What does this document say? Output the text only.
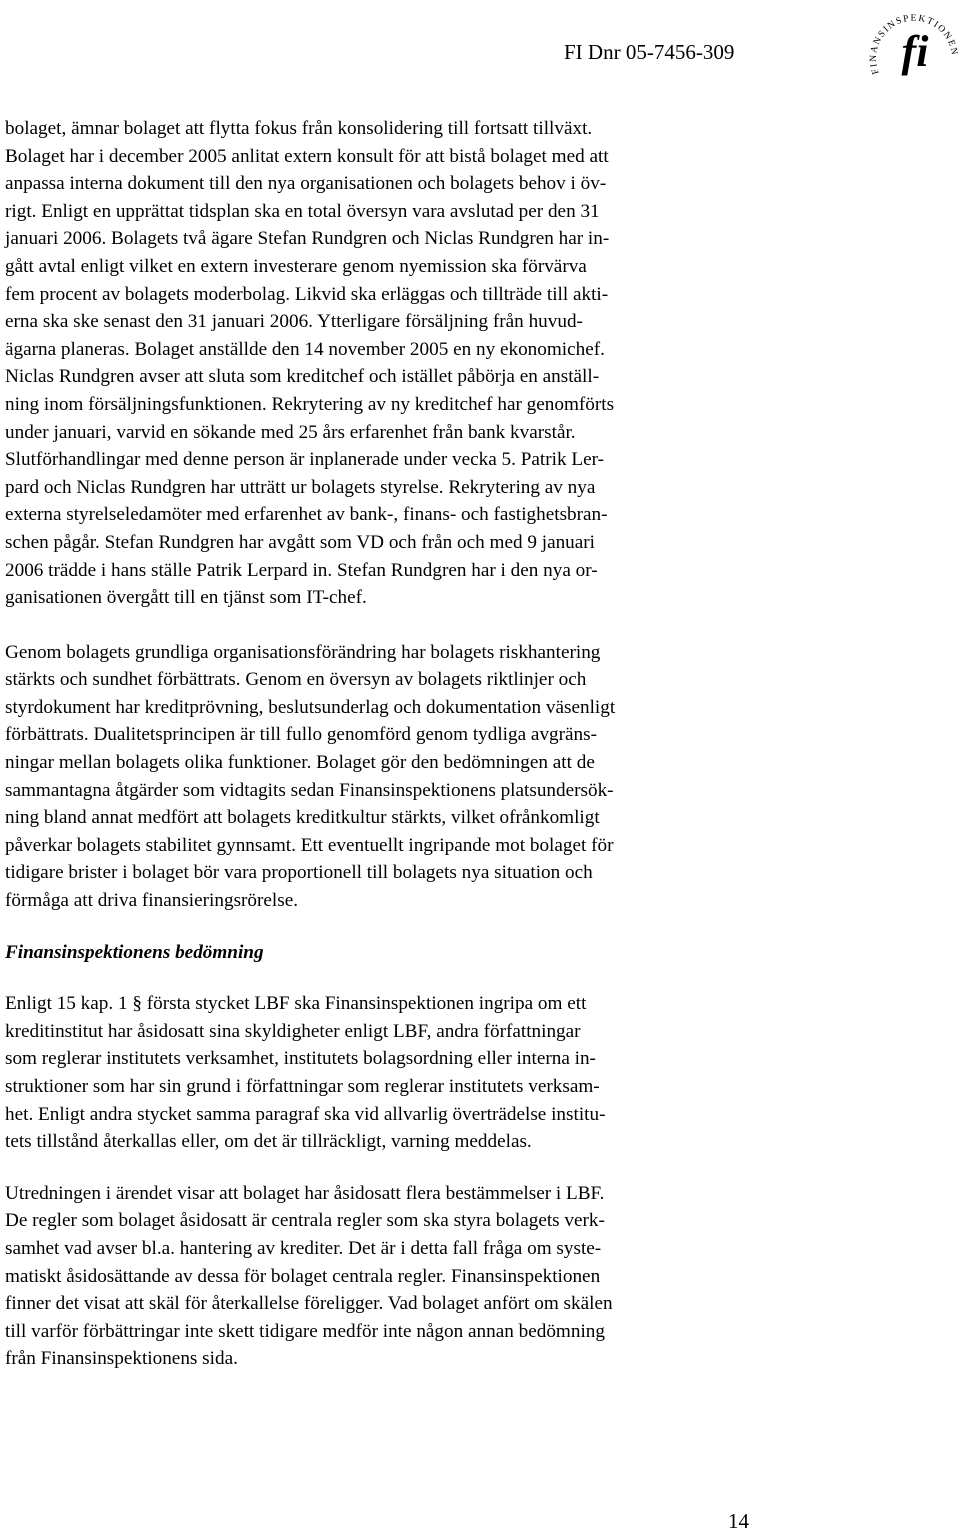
FI Dnr 05-7456-309
FINANSINSPEKTIONEN
fi

bolaget, ämnar bolaget att flytta fokus från konsolidering till fortsatt tillväxt.

Bolaget har i december 2005 anlitat extern konsult för att bistå bolaget med att

anpassa interna dokument till den nya organisationen och bolagets behov i öv-

rigt. Enligt en upprättat tidsplan ska en total översyn vara avslutad per den 31

januari 2006. Bolagets två ägare Stefan Rundgren och Niclas Rundgren har in-

gått avtal enligt vilket en extern investerare genom nyemission ska förvärva

fem procent av bolagets moderbolag. Likvid ska erläggas och tillträde till akti-

erna ska ske senast den 31 januari 2006. Ytterligare försäljning från huvud-

ägarna planeras. Bolaget anställde den 14 november 2005 en ny ekonomichef.

Niclas Rundgren avser att sluta som kreditchef och istället påbörja en anställ-

ning inom försäljningsfunktionen. Rekrytering av ny kreditchef har genomförts

under januari, varvid en sökande med 25 års erfarenhet från bank kvarstår.

Slutförhandlingar med denne person är inplanerade under vecka 5. Patrik Ler-

pard och Niclas Rundgren har utträtt ur bolagets styrelse. Rekrytering av nya

externa styrelseledamöter med erfarenhet av bank-, finans- och fastighetsbran-

schen pågår. Stefan Rundgren har avgått som VD och från och med 9 januari

2006 trädde i hans ställe Patrik Lerpard in. Stefan Rundgren har i den nya or-

ganisationen övergått till en tjänst som IT-chef.

Genom bolagets grundliga organisationsförändring har bolagets riskhantering

stärkts och sundhet förbättrats. Genom en översyn av bolagets riktlinjer och

styrdokument har kreditprövning, beslutsunderlag och dokumentation väsenligt

förbättrats. Dualitetsprincipen är till fullo genomförd genom tydliga avgräns-

ningar mellan bolagets olika funktioner. Bolaget gör den bedömningen att de

sammantagna åtgärder som vidtagits sedan Finansinspektionens platsundersök-

ning bland annat medfört att bolagets kreditkultur stärkts, vilket ofrånkomligt

påverkar bolagets stabilitet gynnsamt. Ett eventuellt ingripande mot bolaget för

tidigare brister i bolaget bör vara proportionell till bolagets nya situation och

förmåga att driva finansieringsrörelse.

Finansinspektionens bedömning

Enligt 15 kap. 1 § första stycket LBF ska Finansinspektionen ingripa om ett

kreditinstitut har åsidosatt sina skyldigheter enligt LBF, andra författningar

som reglerar institutets verksamhet, institutets bolagsordning eller interna in-

struktioner som har sin grund i författningar som reglerar institutets verksam-

het. Enligt andra stycket samma paragraf ska vid allvarlig överträdelse institu-

tets tillstånd återkallas eller, om det är tillräckligt, varning meddelas.

Utredningen i ärendet visar att bolaget har åsidosatt flera bestämmelser i LBF.

De regler som bolaget åsidosatt är centrala regler som ska styra bolagets verk-

samhet vad avser bl.a. hantering av krediter. Det är i detta fall fråga om syste-

matiskt åsidosättande av dessa för bolaget centrala regler. Finansinspektionen

finner det visat att skäl för återkallelse föreligger. Vad bolaget anfört om skälen

till varför förbättringar inte skett tidigare medför inte någon annan bedömning

från Finansinspektionens sida.

14
